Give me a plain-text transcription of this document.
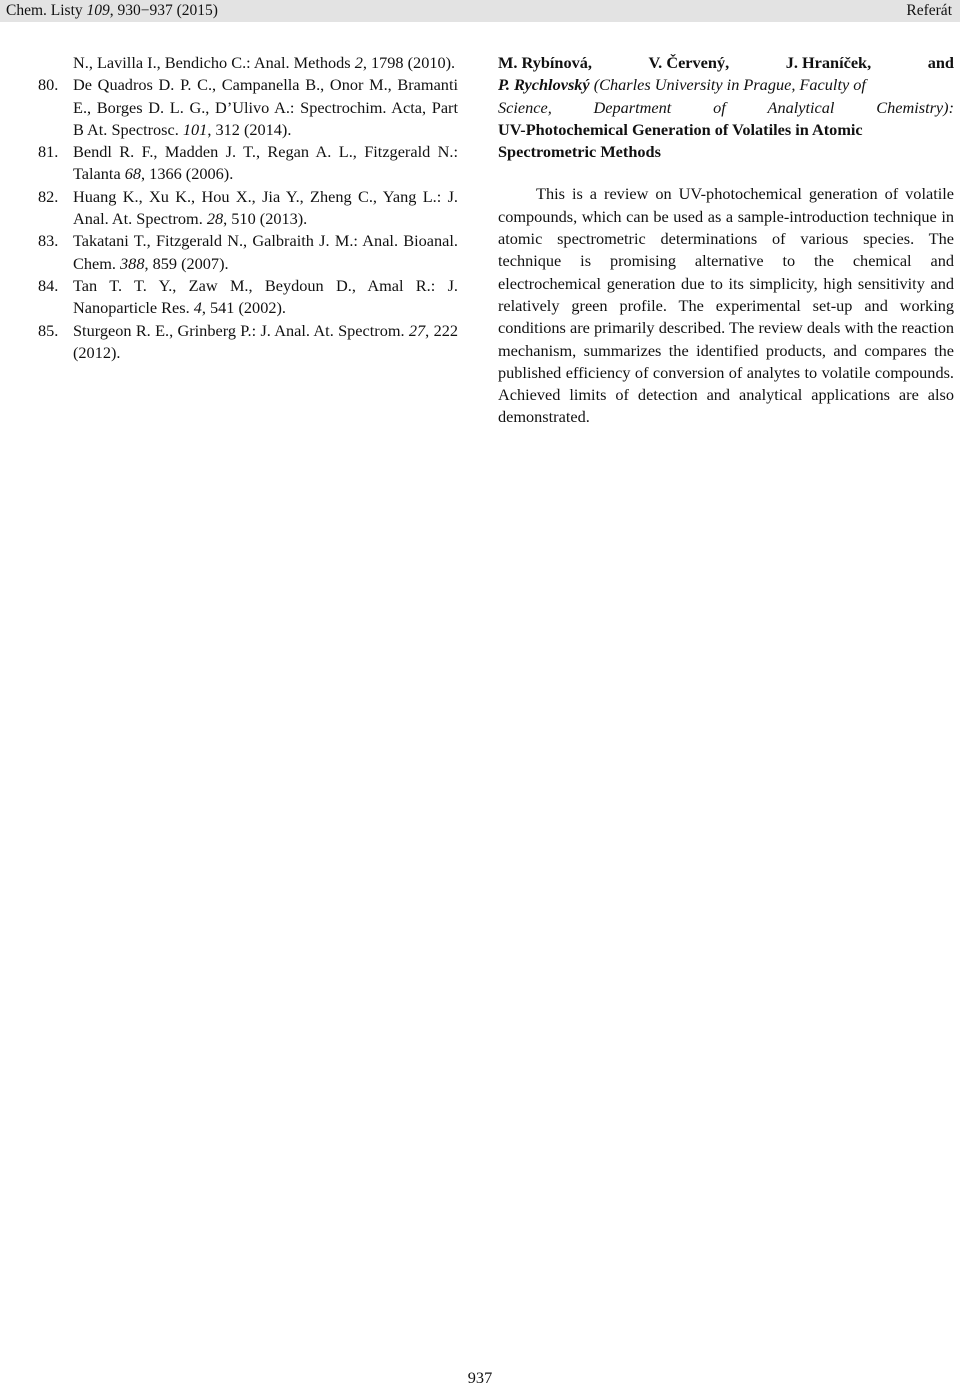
Chem. Listy 109, 930−937 (2015)	Referát
N., Lavilla I., Bendicho C.: Anal. Methods 2, 1798 (2010).
80. De Quadros D. P. C., Campanella B., Onor M., Bramanti E., Borges D. L. G., D’Ulivo A.: Spectrochim. Acta, Part B At. Spectrosc. 101, 312 (2014).
81. Bendl R. F., Madden J. T., Regan A. L., Fitzgerald N.: Talanta 68, 1366 (2006).
82. Huang K., Xu K., Hou X., Jia Y., Zheng C., Yang L.: J. Anal. At. Spectrom. 28, 510 (2013).
83. Takatani T., Fitzgerald N., Galbraith J. M.: Anal. Bioanal. Chem. 388, 859 (2007).
84. Tan T. T. Y., Zaw M., Beydoun D., Amal R.: J. Nanoparticle Res. 4, 541 (2002).
85. Sturgeon R. E., Grinberg P.: J. Anal. At. Spectrom. 27, 222 (2012).
M. Rybínová,	V. Červený,	J. Hraníček,	and
P. Rychlovský (Charles University in Prague, Faculty of
Science,	Department	of	Analytical	Chemistry):
UV-Photochemical Generation of Volatiles in Atomic
Spectrometric Methods
This is a review on UV-photochemical generation of volatile compounds, which can be used as a sample-introduction technique in atomic spectrometric determinations of various species. The technique is promising alternative to the chemical and electrochemical generation due to its simplicity, high sensitivity and relatively green profile. The experimental set-up and working conditions are primarily described. The review deals with the reaction mechanism, summarizes the identified products, and compares the published efficiency of conversion of analytes to volatile compounds. Achieved limits of detection and analytical applications are also demonstrated.
937
